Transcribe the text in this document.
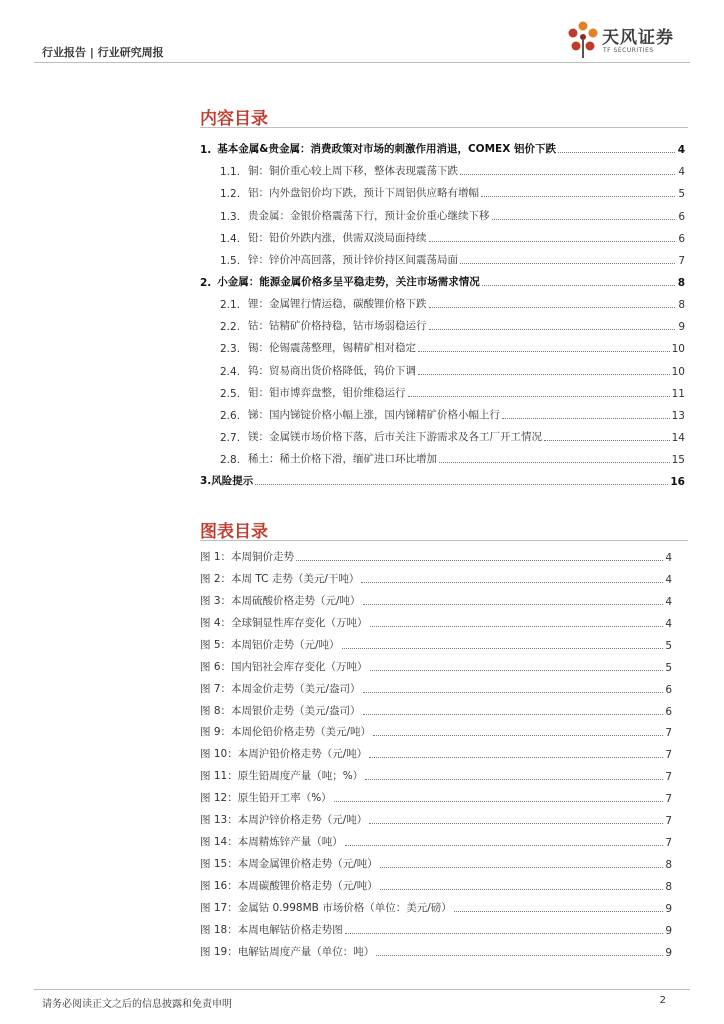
行业报告 | 行业研究周报
天风证券
TF SECURITIES
内容目录
1. 基本金属&贵金属：消费政策对市场的刺激作用消退，COMEX 铝价下跌	4
1.1. 铜：铜价重心较上周下移，整体表现震荡下跌	4
1.2. 铝：内外盘铝价均下跌，预计下周铝供应略有增幅	5
1.3. 贵金属：金银价格震荡下行，预计金价重心继续下移	6
1.4. 铅：铅价外跌内涨，供需双淡局面持续	6
1.5. 锌：锌价冲高回落，预计锌价持区间震荡局面	7
2. 小金属：能源金属价格多呈平稳走势，关注市场需求情况	8
2.1. 锂：金属锂行情运稳，碳酸锂价格下跌	8
2.2. 钴：钴精矿价格持稳，钴市场弱稳运行	9
2.3. 锡：伦锡震荡整理，锡精矿相对稳定	10
2.4. 钨：贸易商出货价格降低，钨价下调	10
2.5. 钼：钼市博弈盘整，钼价维稳运行	11
2.6. 锑：国内锑锭价格小幅上涨，国内锑精矿价格小幅上行	13
2.7. 镁：金属镁市场价格下落，后市关注下游需求及各工厂开工情况	14
2.8. 稀土：稀土价格下滑，缅矿进口环比增加	15
3.风险提示	16
图表目录
图 1：本周铜价走势	4
图 2：本周 TC 走势（美元/干吨）	4
图 3：本周硫酸价格走势（元/吨）	4
图 4：全球铜显性库存变化（万吨）	4
图 5：本周铝价走势（元/吨）	5
图 6：国内铝社会库存变化（万吨）	5
图 7：本周金价走势（美元/盎司）	6
图 8：本周银价走势（美元/盎司）	6
图 9：本周伦铅价格走势（美元/吨）	7
图 10：本周沪铅价格走势（元/吨）	7
图 11：原生铅周度产量（吨；%）	7
图 12：原生铅开工率（%）	7
图 13：本周沪锌价格走势（元/吨）	7
图 14：本周精炼锌产量（吨）	7
图 15：本周金属锂价格走势（元/吨）	8
图 16：本周碳酸锂价格走势（元/吨）	8
图 17：金属钴 0.998MB 市场价格（单位：美元/磅）	9
图 18：本周电解钴价格走势图	9
图 19：电解钴周度产量（单位：吨）	9
请务必阅读正文之后的信息披露和免责申明	2
